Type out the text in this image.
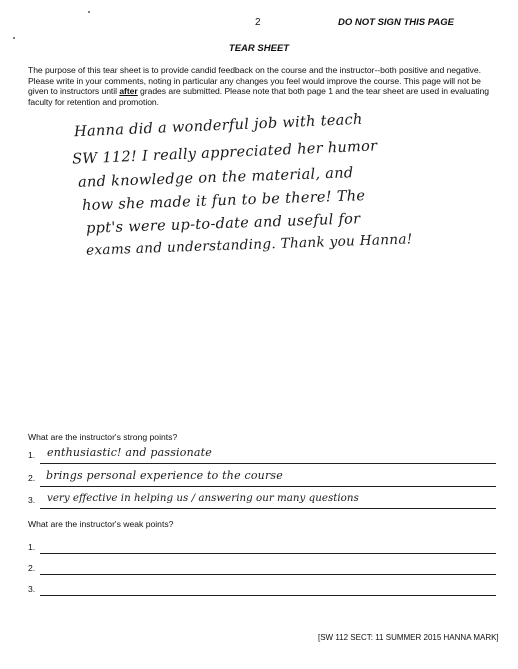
2	DO NOT SIGN THIS PAGE
TEAR SHEET
The purpose of this tear sheet is to provide candid feedback on the course and the instructor--both positive and negative. Please write in your comments, noting in particular any changes you feel would improve the course. This page will not be given to instructors until after grades are submitted. Please note that both page 1 and the tear sheet are used in evaluating faculty for retention and promotion.
Hanna did a wonderful job with teach
SW 112! I really appreciated her humor
and knowledge on the material, and
how she made it fun to be there! The
ppt's were up-to-date and useful for
exams and understanding. Thank you Hanna!
What are the instructor's strong points?
1. enthusiastic! and passionate
2. brings personal experience to the course
3. very effective in helping us / answering our many questions
What are the instructor's weak points?
1.
2.
3.
[SW 112 SECT: 11 SUMMER 2015 HANNA MARK]
